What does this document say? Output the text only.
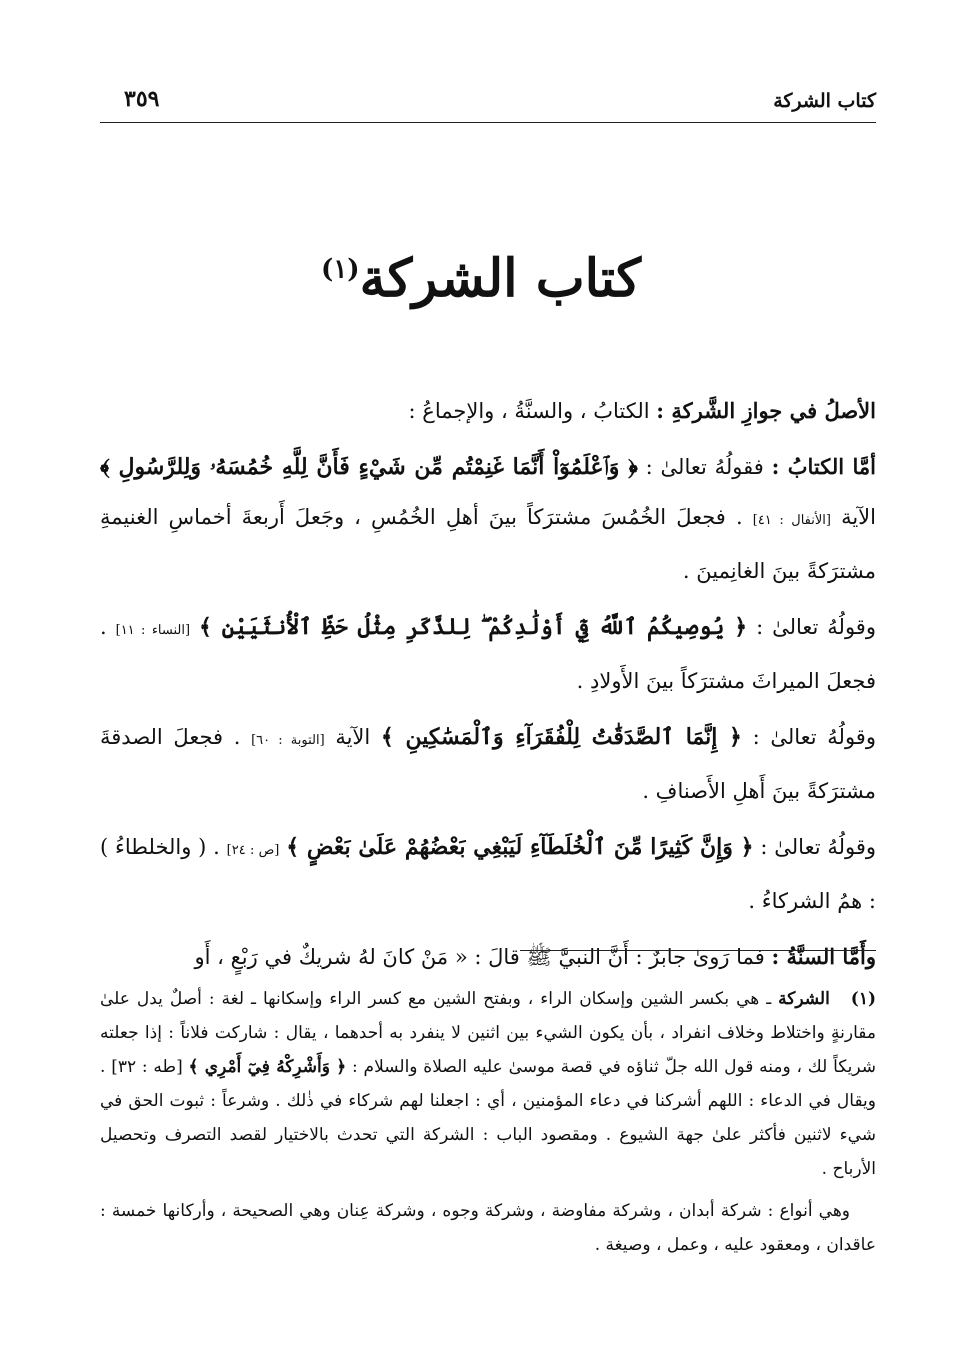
كتاب الشركة
٣٥٩
كتاب الشركة$^{(١)}$

الأصلُ في جوازِ الشَّركةِ : الكتابُ ، والسنَّةُ ، والإجماعُ :

أمَّا الكتابُ : فقولُهُ تعالىٰ : ﴿ وَٱعْلَمُوٓاْ أَنَّمَا غَنِمْتُم مِّن شَيْءٍ فَأَنَّ لِلَّهِ خُمُسَهُۥ وَلِلرَّسُولِ ﴾ الآية [الأنفال : ٤١] . فجعلَ الخُمُسَ مشترَكاً بينَ أهلِ الخُمُسِ ، وجَعلَ أَربعةَ أخماسِ الغنيمةِ مشترَكةً بينَ الغانِمينَ .

وقولُهُ تعالىٰ : ﴿ يُوصِيكُمُ ٱللَّهُ فِيٓ أَوْلَٰدِكُمْ ۖ لِلذَّكَرِ مِثْلُ حَظِّ ٱلْأُنثَيَيْنِ ﴾ [النساء : ١١] . فجعلَ الميراثَ مشترَكاً بينَ الأَولادِ .

وقولُهُ تعالىٰ : ﴿ إِنَّمَا ٱلصَّدَقَٰتُ لِلْفُقَرَآءِ وَٱلْمَسَٰكِينِ ﴾ الآية [التوبة : ٦٠] . فجعلَ الصدقةَ مشترَكةً بينَ أَهلِ الأَصنافِ .

وقولُهُ تعالىٰ : ﴿ وَإِنَّ كَثِيرًا مِّنَ ٱلْخُلَطَآءِ لَيَبْغِي بَعْضُهُمْ عَلَىٰ بَعْضٍ ﴾ [ص : ٢٤] . ( والخلطاءُ ) : همُ الشركاءُ .

وأَمَّا السنَّةُ : فما رَوىٰ جابرٌ : أَنَّ النبيَّ ﷺ قالَ : « مَنْ كانَ لهُ شريكٌ في رَبْعٍ ، أَو

(١) الشركة ـ هي بكسر الشين وإسكان الراء ، وبفتح الشين مع كسر الراء وإسكانها ـ لغة : أصلٌ يدل علىٰ مقارنةٍ واختلاط وخلاف انفراد ، بأن يكون الشيء بين اثنين لا ينفرد به أحدهما ، يقال : شاركت فلاناً : إذا جعلته شريكاً لك ، ومنه قول الله جلّ ثناؤه في قصة موسىٰ عليه الصلاة والسلام : ﴿ وَأَشْرِكْهُ فِيٓ أَمْرِي ﴾ [طه : ٣٢] . ويقال في الدعاء : اللهم أشركنا في دعاء المؤمنين ، أي : اجعلنا لهم شركاء في ذٰلك . وشرعاً : ثبوت الحق في شيء لاثنين فأكثر علىٰ جهة الشيوع . ومقصود الباب : الشركة التي تحدث بالاختيار لقصد التصرف وتحصيل الأرباح .

وهي أنواع : شركة أبدان ، وشركة مفاوضة ، وشركة وجوه ، وشركة عِنان وهي الصحيحة ، وأركانها خمسة : عاقدان ، ومعقود عليه ، وعمل ، وصيغة .
